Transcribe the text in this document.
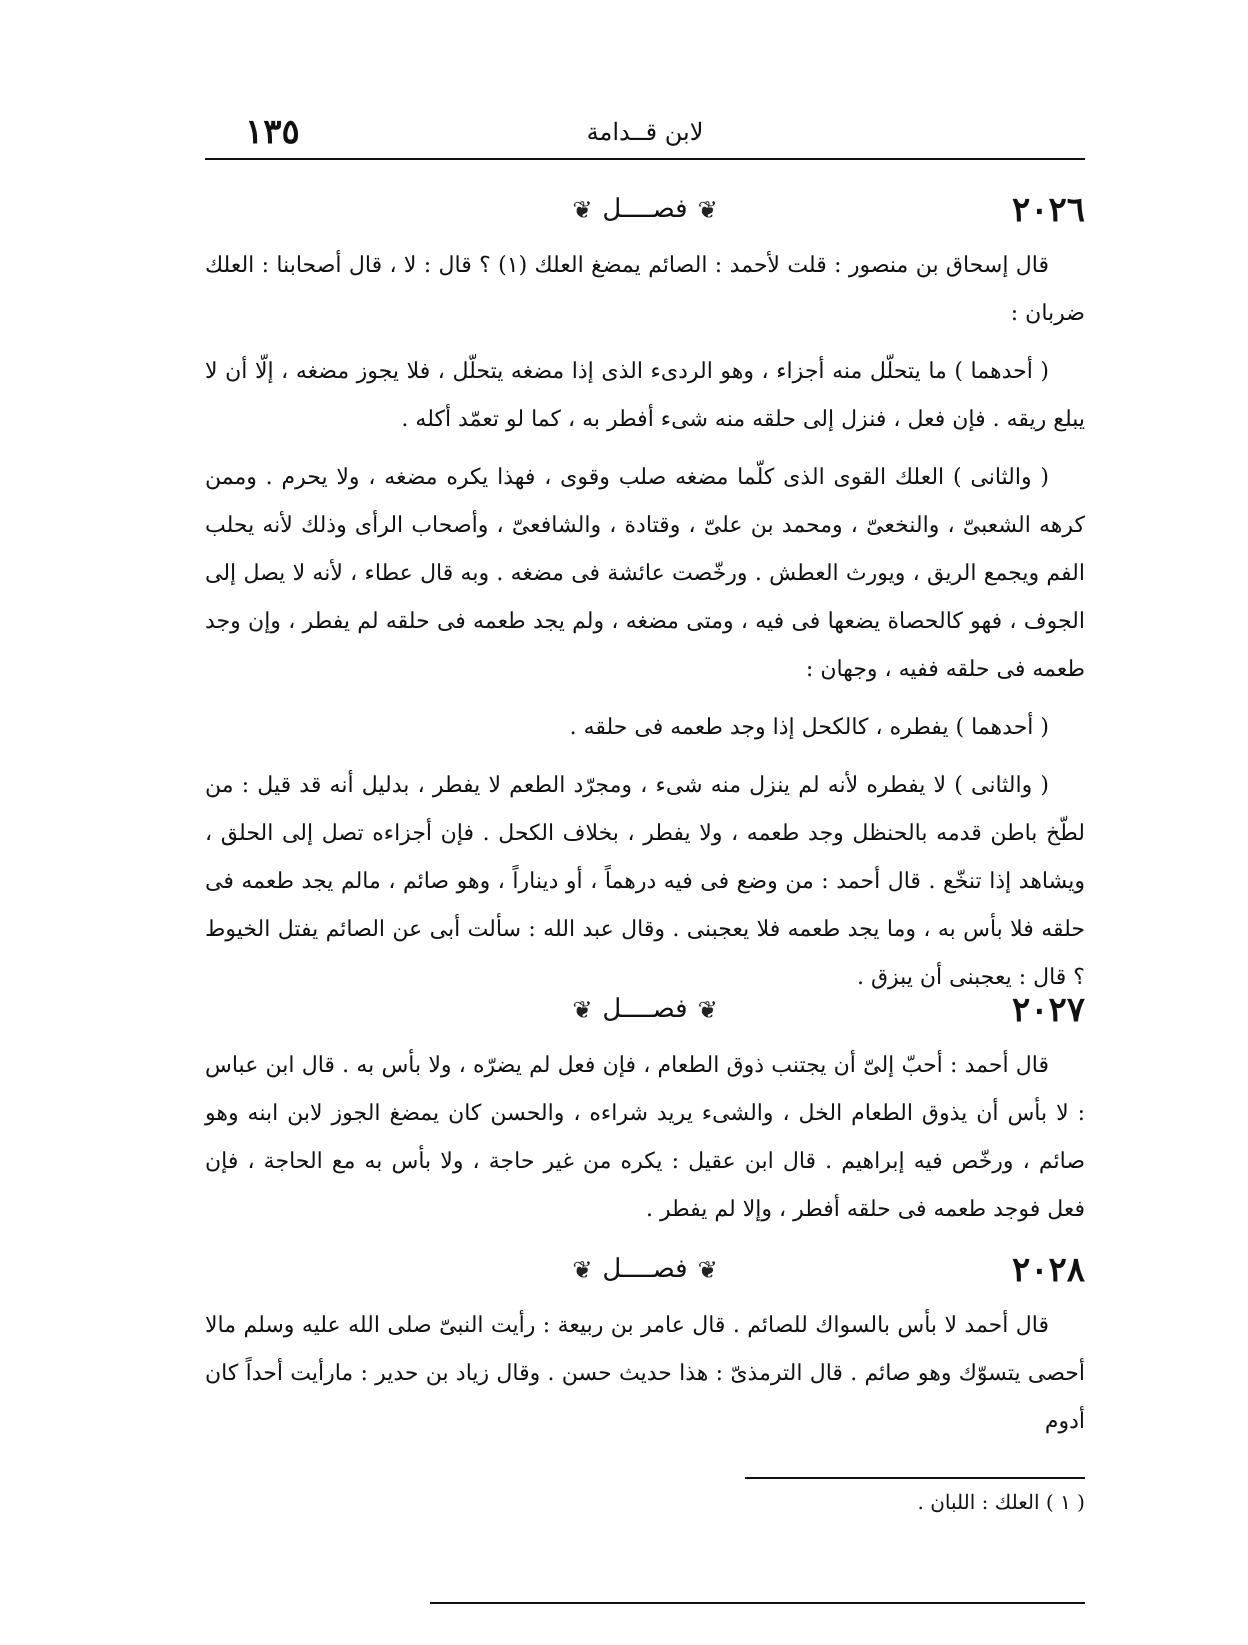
١٣٥	لابن قــدامة
٢٠٢٦
❦فصــــل❦

قال إسحاق بن منصور : قلت لأحمد : الصائم يمضغ العلك (١) ؟ قال : لا ، قال أصحابنا : العلك ضربان :

( أحدهما ) ما يتحلّل منه أجزاء ، وهو الردىء الذى إذا مضغه يتحلّل ، فلا يجوز مضغه ، إلّا أن لا يبلع ريقه . فإن فعل ، فنزل إلى حلقه منه شىء أفطر به ، كما لو تعمّد أكله .

( والثانى ) العلك القوى الذى كلّما مضغه صلب وقوى ، فهذا يكره مضغه ، ولا يحرم . وممن كرهه الشعبىّ ، والنخعىّ ، ومحمد بن علىّ ، وقتادة ، والشافعىّ ، وأصحاب الرأى وذلك لأنه يحلب الفم ويجمع الريق ، ويورث العطش . ورخّصت عائشة فى مضغه . وبه قال عطاء ، لأنه لا يصل إلى الجوف ، فهو كالحصاة يضعها فى فيه ، ومتى مضغه ، ولم يجد طعمه فى حلقه لم يفطر ، وإن وجد طعمه فى حلقه ففيه ، وجهان :

( أحدهما ) يفطره ، كالكحل إذا وجد طعمه فى حلقه .

( والثانى ) لا يفطره لأنه لم ينزل منه شىء ، ومجرّد الطعم لا يفطر ، بدليل أنه قد قيل : من لطّخ باطن قدمه بالحنظل وجد طعمه ، ولا يفطر ، بخلاف الكحل . فإن أجزاءه تصل إلى الحلق ، ويشاهد إذا تنخّع . قال أحمد : من وضع فى فيه درهماً ، أو ديناراً ، وهو صائم ، مالم يجد طعمه فى حلقه فلا بأس به ، وما يجد طعمه فلا يعجبنى . وقال عبد الله : سألت أبى عن الصائم يفتل الخيوط ؟ قال : يعجبنى أن يبزق .

٢٠٢٧
❦فصــــل❦

قال أحمد : أحبّ إلىّ أن يجتنب ذوق الطعام ، فإن فعل لم يضرّه ، ولا بأس به . قال ابن عباس : لا بأس أن يذوق الطعام الخل ، والشىء يريد شراءه ، والحسن كان يمضغ الجوز لابن ابنه وهو صائم ، ورخّص فيه إبراهيم . قال ابن عقيل : يكره من غير حاجة ، ولا بأس به مع الحاجة ، فإن فعل فوجد طعمه فى حلقه أفطر ، وإلا لم يفطر .

٢٠٢٨
❦فصــــل❦

قال أحمد لا بأس بالسواك للصائم . قال عامر بن ربيعة : رأيت النبىّ صلى الله عليه وسلم مالا أحصى يتسوّك وهو صائم . قال الترمذىّ : هذا حديث حسن . وقال زياد بن حدير : مارأيت أحداً كان أدوم

( ١ ) العلك : اللبان .
